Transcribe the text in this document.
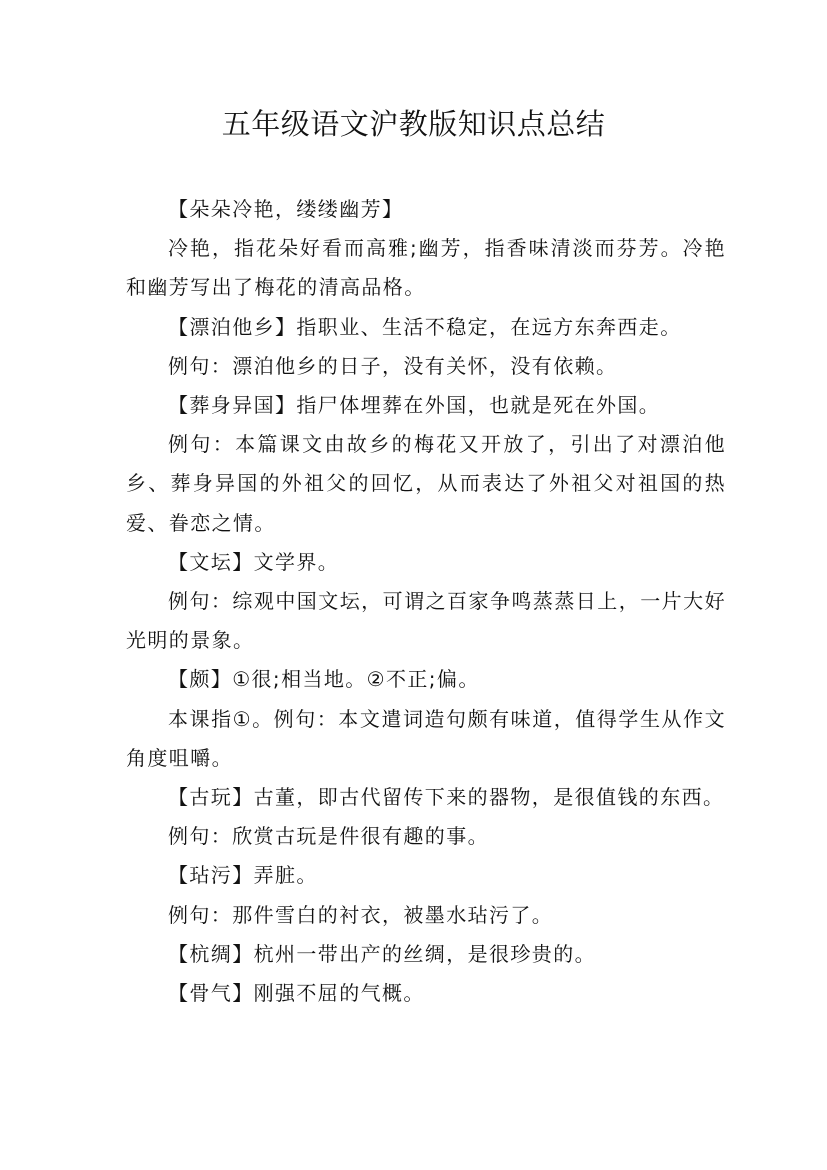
五年级语文沪教版知识点总结

【朵朵冷艳，缕缕幽芳】

冷艳，指花朵好看而高雅;幽芳，指香味清淡而芬芳。冷艳和幽芳写出了梅花的清高品格。

【漂泊他乡】指职业、生活不稳定，在远方东奔西走。

例句：漂泊他乡的日子，没有关怀，没有依赖。

【葬身异国】指尸体埋葬在外国，也就是死在外国。

例句：本篇课文由故乡的梅花又开放了，引出了对漂泊他乡、葬身异国的外祖父的回忆，从而表达了外祖父对祖国的热爱、眷恋之情。

【文坛】文学界。

例句：综观中国文坛，可谓之百家争鸣蒸蒸日上，一片大好光明的景象。

【颇】①很;相当地。②不正;偏。

本课指①。例句：本文遣词造句颇有味道，值得学生从作文角度咀嚼。

【古玩】古董，即古代留传下来的器物，是很值钱的东西。

例句：欣赏古玩是件很有趣的事。

【玷污】弄脏。

例句：那件雪白的衬衣，被墨水玷污了。

【杭绸】杭州一带出产的丝绸，是很珍贵的。

【骨气】刚强不屈的气概。
